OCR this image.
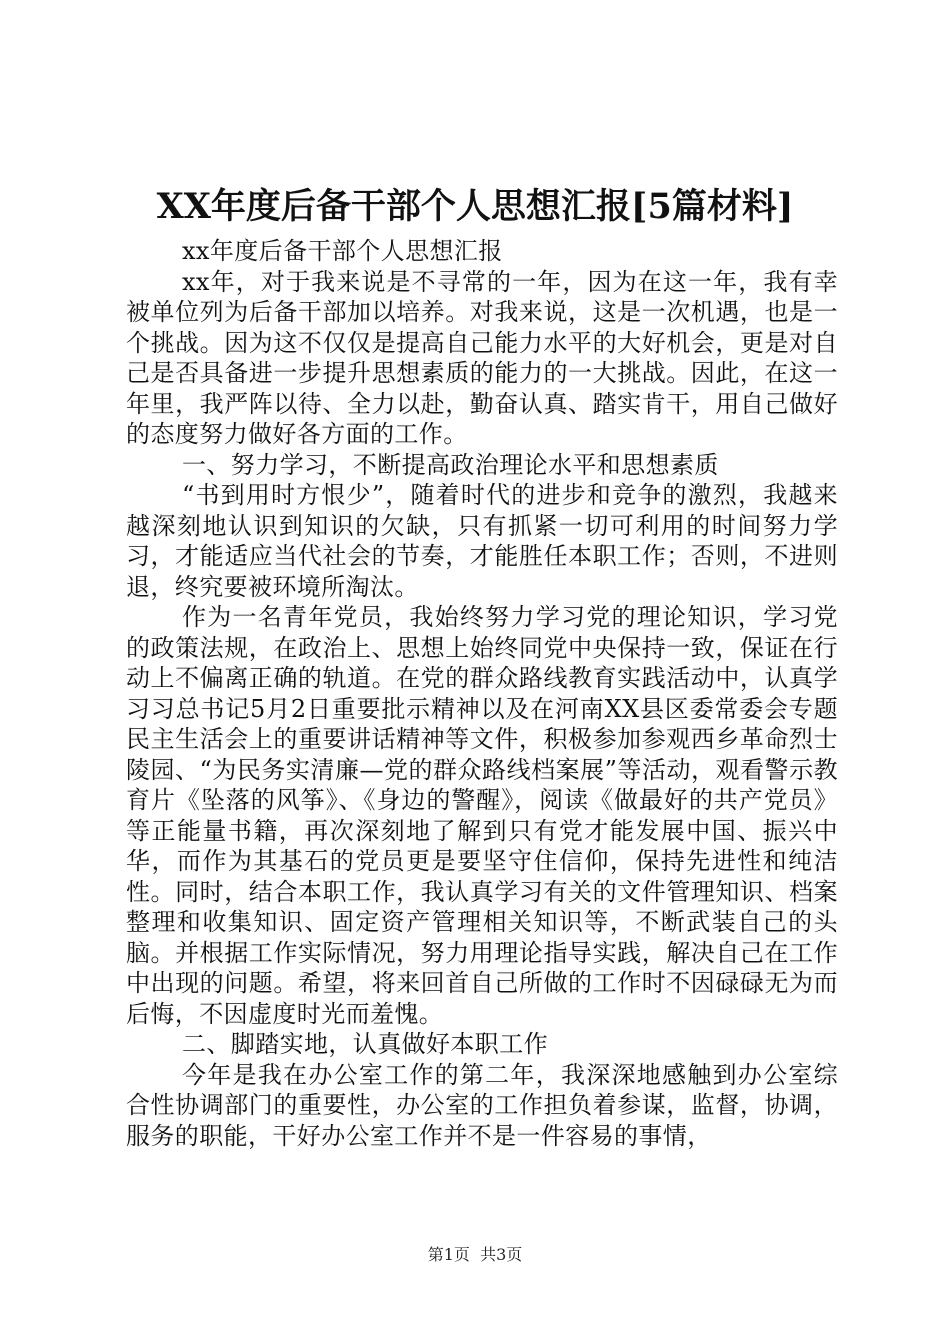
XX年度后备干部个人思想汇报[5篇材料]

xx年度后备干部个人思想汇报

xx年，对于我来说是不寻常的一年，因为在这一年，我有幸被单位列为后备干部加以培养。对我来说，这是一次机遇，也是一个挑战。因为这不仅仅是提高自己能力水平的大好机会，更是对自己是否具备进一步提升思想素质的能力的一大挑战。因此，在这一年里，我严阵以待、全力以赴，勤奋认真、踏实肯干，用自己做好的态度努力做好各方面的工作。

一、努力学习，不断提高政治理论水平和思想素质

“书到用时方恨少”，随着时代的进步和竞争的激烈，我越来越深刻地认识到知识的欠缺，只有抓紧一切可利用的时间努力学习，才能适应当代社会的节奏，才能胜任本职工作；否则，不进则退，终究要被环境所淘汰。

作为一名青年党员，我始终努力学习党的理论知识，学习党的政策法规，在政治上、思想上始终同党中央保持一致，保证在行动上不偏离正确的轨道。在党的群众路线教育实践活动中，认真学习习总书记5月2日重要批示精神以及在河南XX县区委常委会专题民主生活会上的重要讲话精神等文件，积极参加参观西乡革命烈士陵园、“为民务实清廉—党的群众路线档案展”等活动，观看警示教育片《坠落的风筝》、《身边的警醒》，阅读《做最好的共产党员》等正能量书籍，再次深刻地了解到只有党才能发展中国、振兴中华，而作为其基石的党员更是要坚守住信仰，保持先进性和纯洁性。同时，结合本职工作，我认真学习有关的文件管理知识、档案整理和收集知识、固定资产管理相关知识等，不断武装自己的头脑。并根据工作实际情况，努力用理论指导实践，解决自己在工作中出现的问题。希望，将来回首自己所做的工作时不因碌碌无为而后悔，不因虚度时光而羞愧。

二、脚踏实地，认真做好本职工作

今年是我在办公室工作的第二年，我深深地感触到办公室综合性协调部门的重要性，办公室的工作担负着参谋，监督，协调，服务的职能，干好办公室工作并不是一件容易的事情，

第1页 共3页
